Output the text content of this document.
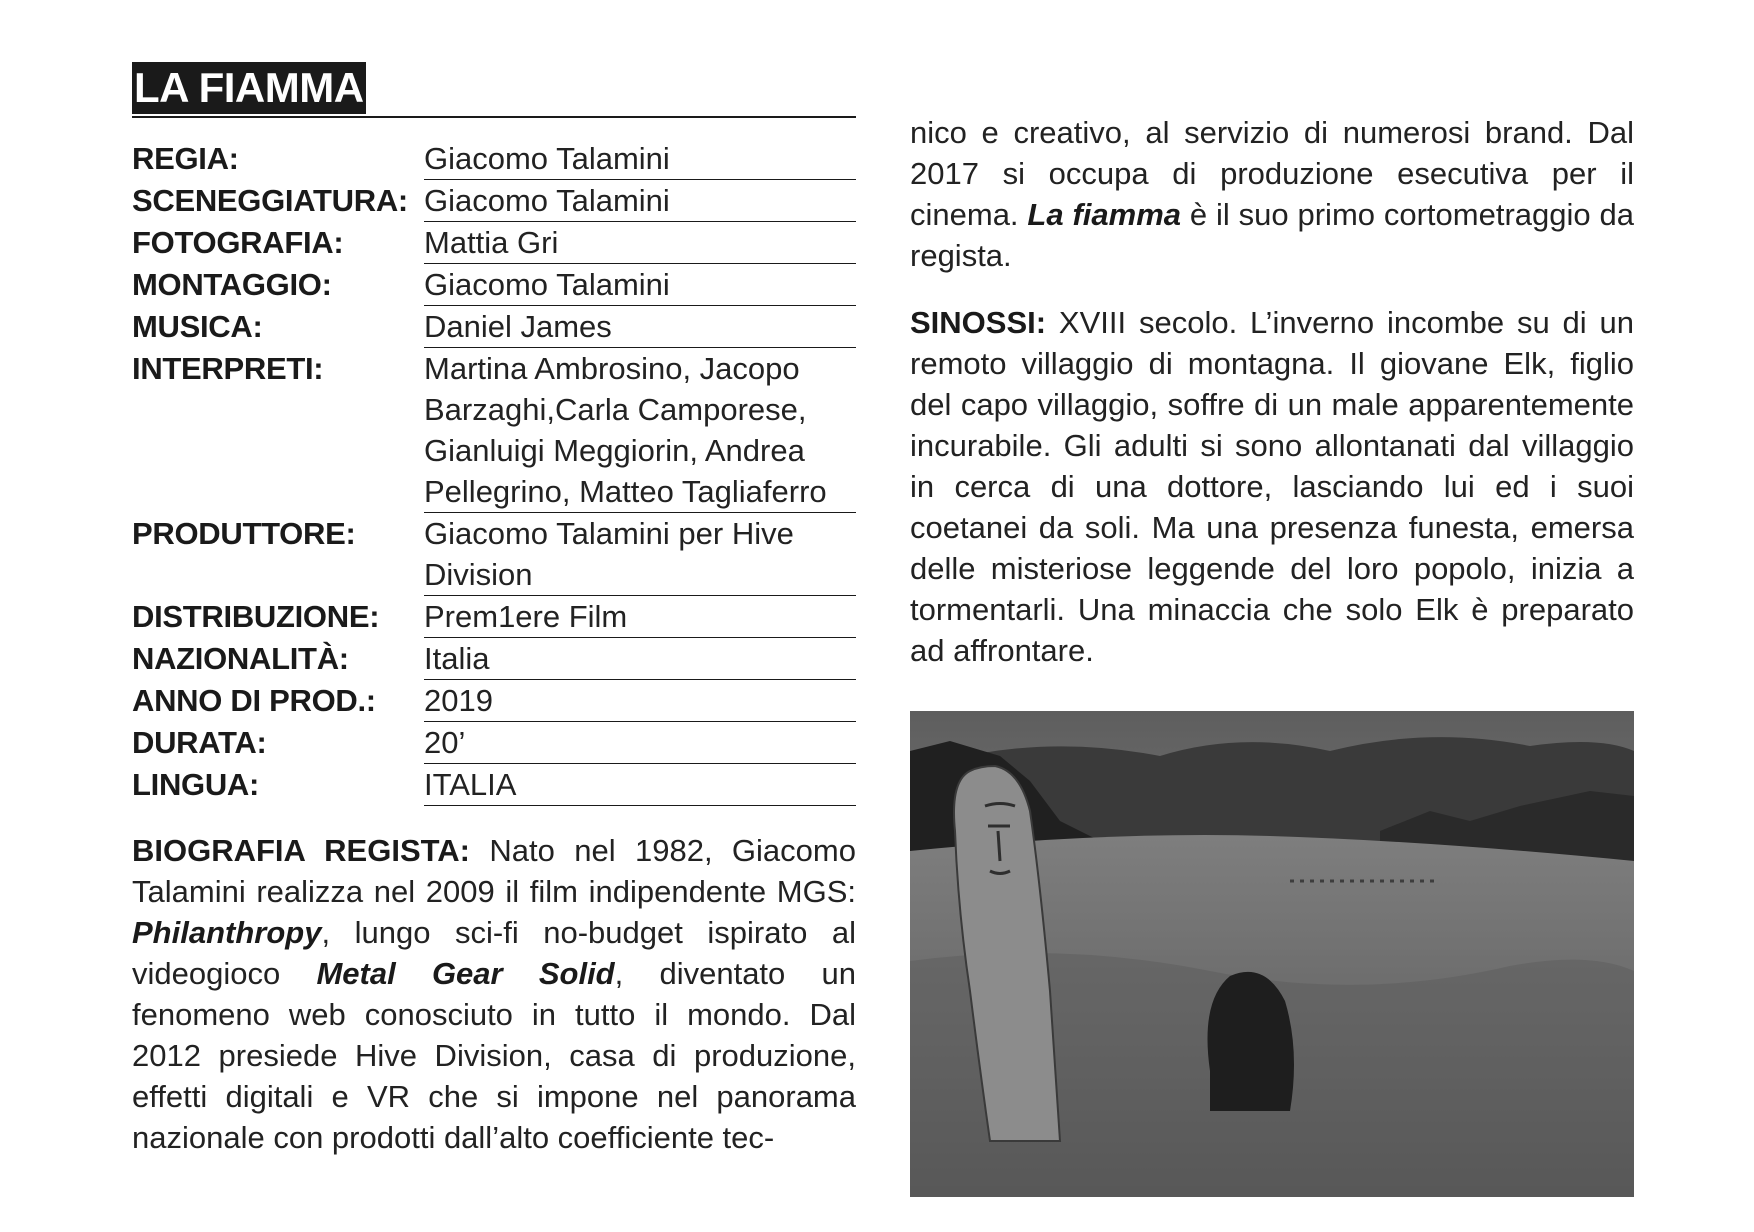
LA FIAMMA
REGIA:	Giacomo Talamini
SCENEGGIATURA: Giacomo Talamini
FOTOGRAFIA:	Mattia Gri
MONTAGGIO:	Giacomo Talamini
MUSICA:	Daniel James
INTERPRETI:	Martina Ambrosino, Jacopo Barzaghi,Carla Camporese, Gianluigi Meggiorin, Andrea Pellegrino, Matteo Tagliaferro
PRODUTTORE:	Giacomo Talamini per Hive Division
DISTRIBUZIONE:	Prem1ere Film
NAZIONALITÀ:	Italia
ANNO DI PROD.:	2019
DURATA:	20’
LINGUA:	ITALIA

BIOGRAFIA REGISTA: Nato nel 1982, Giacomo Talamini realizza nel 2009 il film indipendente MGS: Philanthropy, lungo sci-fi no-budget ispirato al videogioco Metal Gear Solid, diventato un fenomeno web conosciuto in tutto il mondo. Dal 2012 presiede Hive Division, casa di produzione, effetti digitali e VR che si impone nel panorama nazionale con prodotti dall’alto coefficiente tec-

nico e creativo, al servizio di numerosi brand. Dal 2017 si occupa di produzione esecutiva per il cinema. La fiamma è il suo primo cortometraggio da regista.

SINOSSI: XVIII secolo. L’inverno incombe su di un remoto villaggio di montagna. Il giovane Elk, figlio del capo villaggio, soffre di un male apparentemente incurabile. Gli adulti si sono allontanati dal villaggio in cerca di una dottore, lasciando lui ed i suoi coetanei da soli. Ma una presenza funesta, emersa delle misteriose leggende del loro popolo, inizia a tormentarli. Una minaccia che solo Elk è preparato ad affrontare.
